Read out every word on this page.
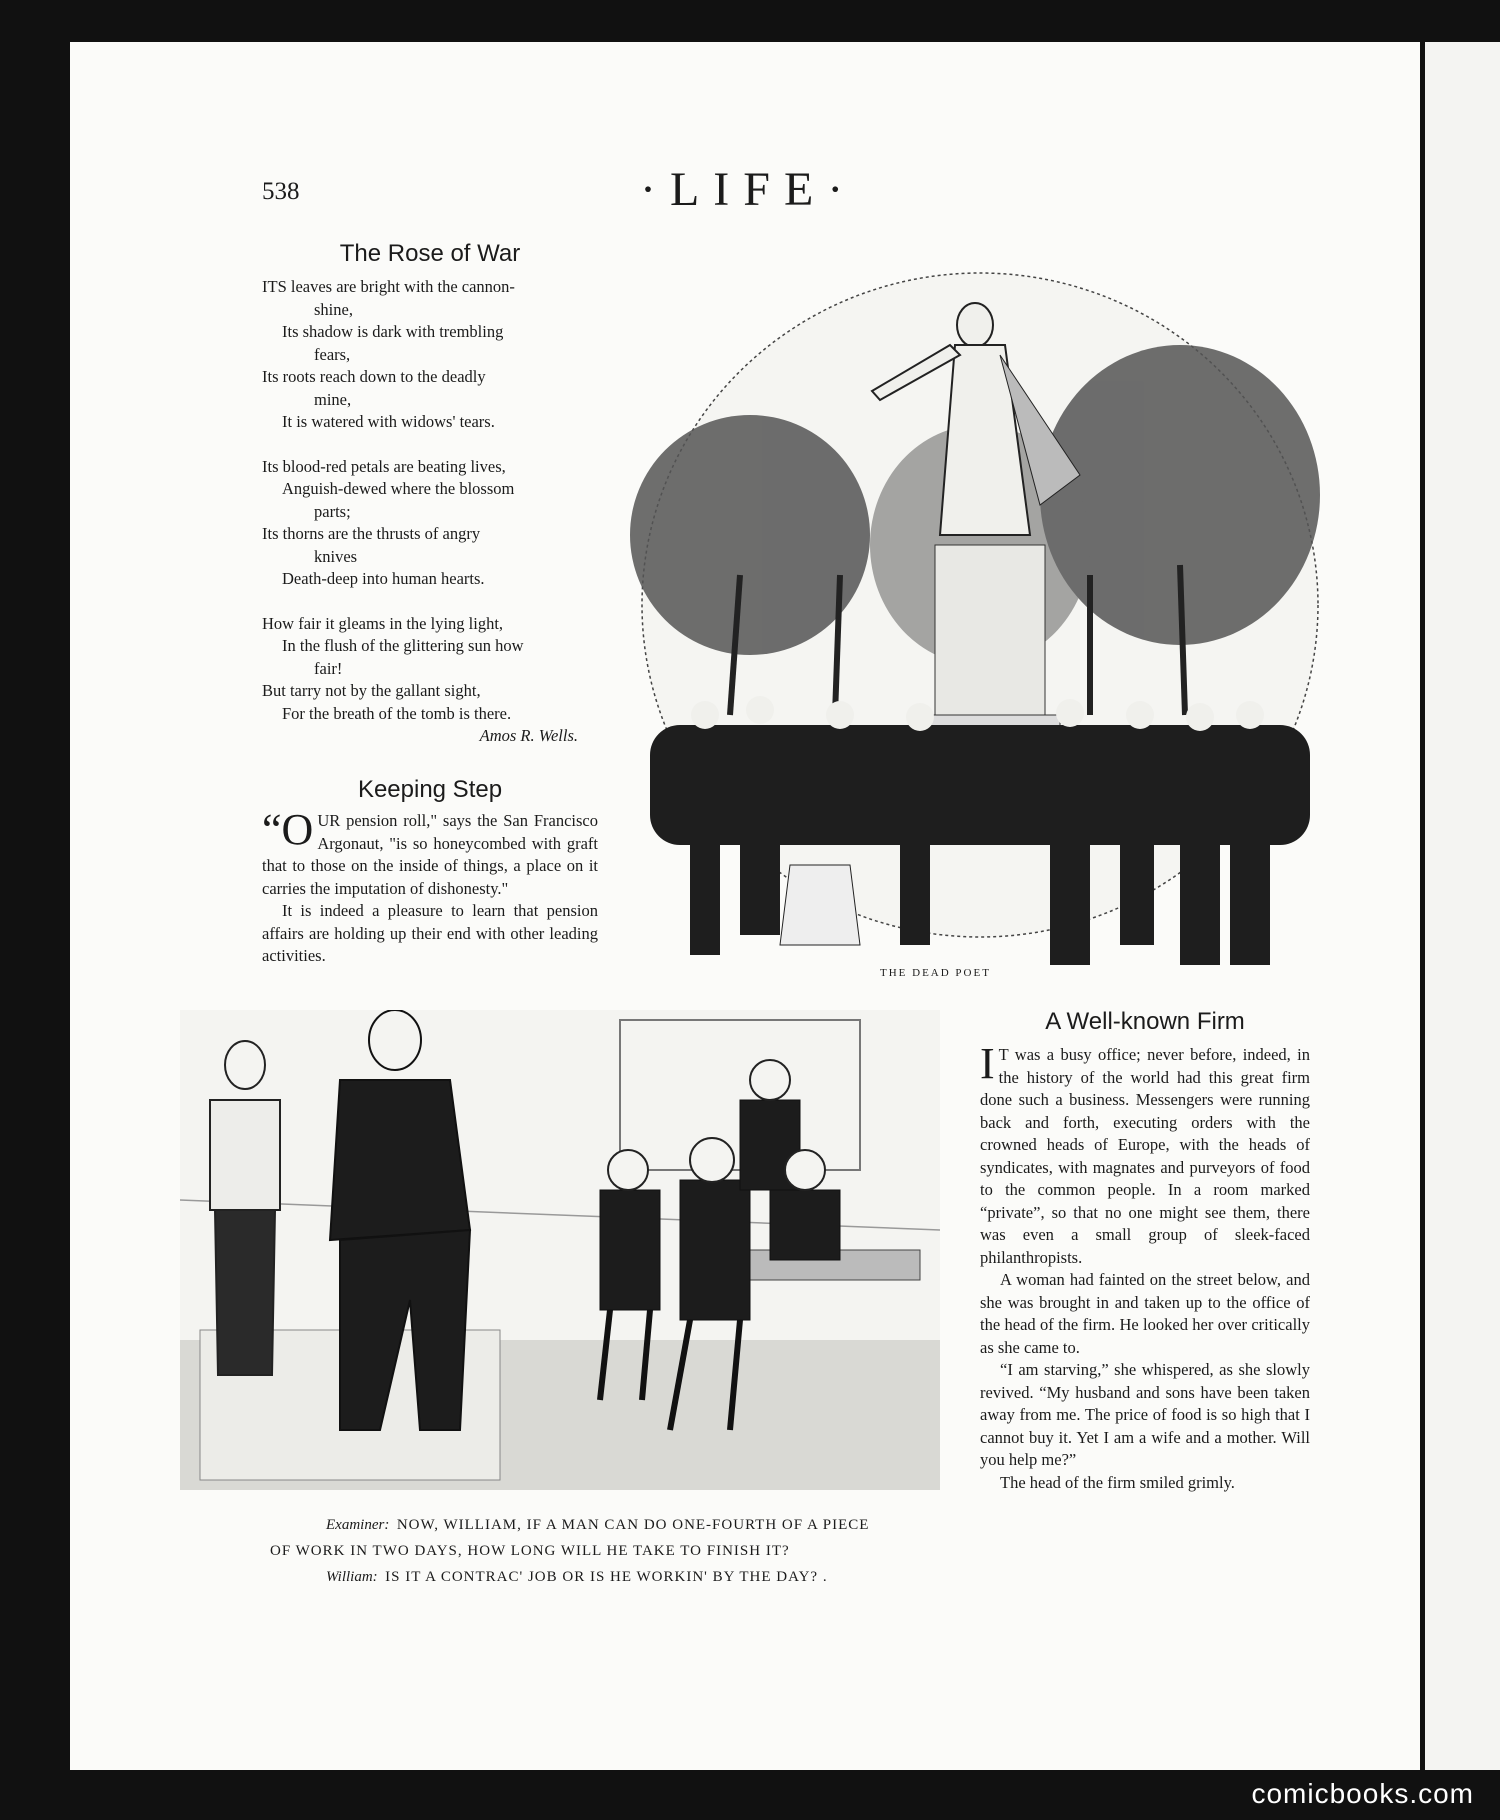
538	·LIFE·
The Rose of War

ITS leaves are bright with the cannon-

shine,

Its shadow is dark with trembling

fears,

Its roots reach down to the deadly

mine,

It is watered with widows' tears.

Its blood-red petals are beating lives,

Anguish-dewed where the blossom

parts;

Its thorns are the thrusts of angry

knives

Death-deep into human hearts.

How fair it gleams in the lying light,

In the flush of the glittering sun how

fair!

But tarry not by the gallant sight,

For the breath of the tomb is there.

Amos R. Wells.

Keeping Step

“OUR pension roll," says the San Francisco Argonaut, "is so honeycombed with graft that to those on the inside of things, a place on it carries the imputation of dishonesty."

It is indeed a pleasure to learn that pension affairs are holding up their end with other leading activities.

THE DEAD POET
Examiner: NOW, WILLIAM, IF A MAN CAN DO ONE-FOURTH OF A PIECE
OF WORK IN TWO DAYS, HOW LONG WILL HE TAKE TO FINISH IT?
William: IS IT A CONTRAC' JOB OR IS HE WORKIN' BY THE DAY? .
A Well-known Firm

I T was a busy office; never before, indeed, in the history of the world had this great firm done such a business. Messengers were running back and forth, executing orders with the crowned heads of Europe, with the heads of syndicates, with magnates and purveyors of food to the common people. In a room marked “private”, so that no one might see them, there was even a small group of sleek-faced philanthropists.

A woman had fainted on the street below, and she was brought in and taken up to the office of the head of the firm. He looked her over critically as she came to.

“I am starving,” she whispered, as she slowly revived. “My husband and sons have been taken away from me. The price of food is so high that I cannot buy it. Yet I am a wife and a mother. Will you help me?”

The head of the firm smiled grimly.

comicbooks.com
